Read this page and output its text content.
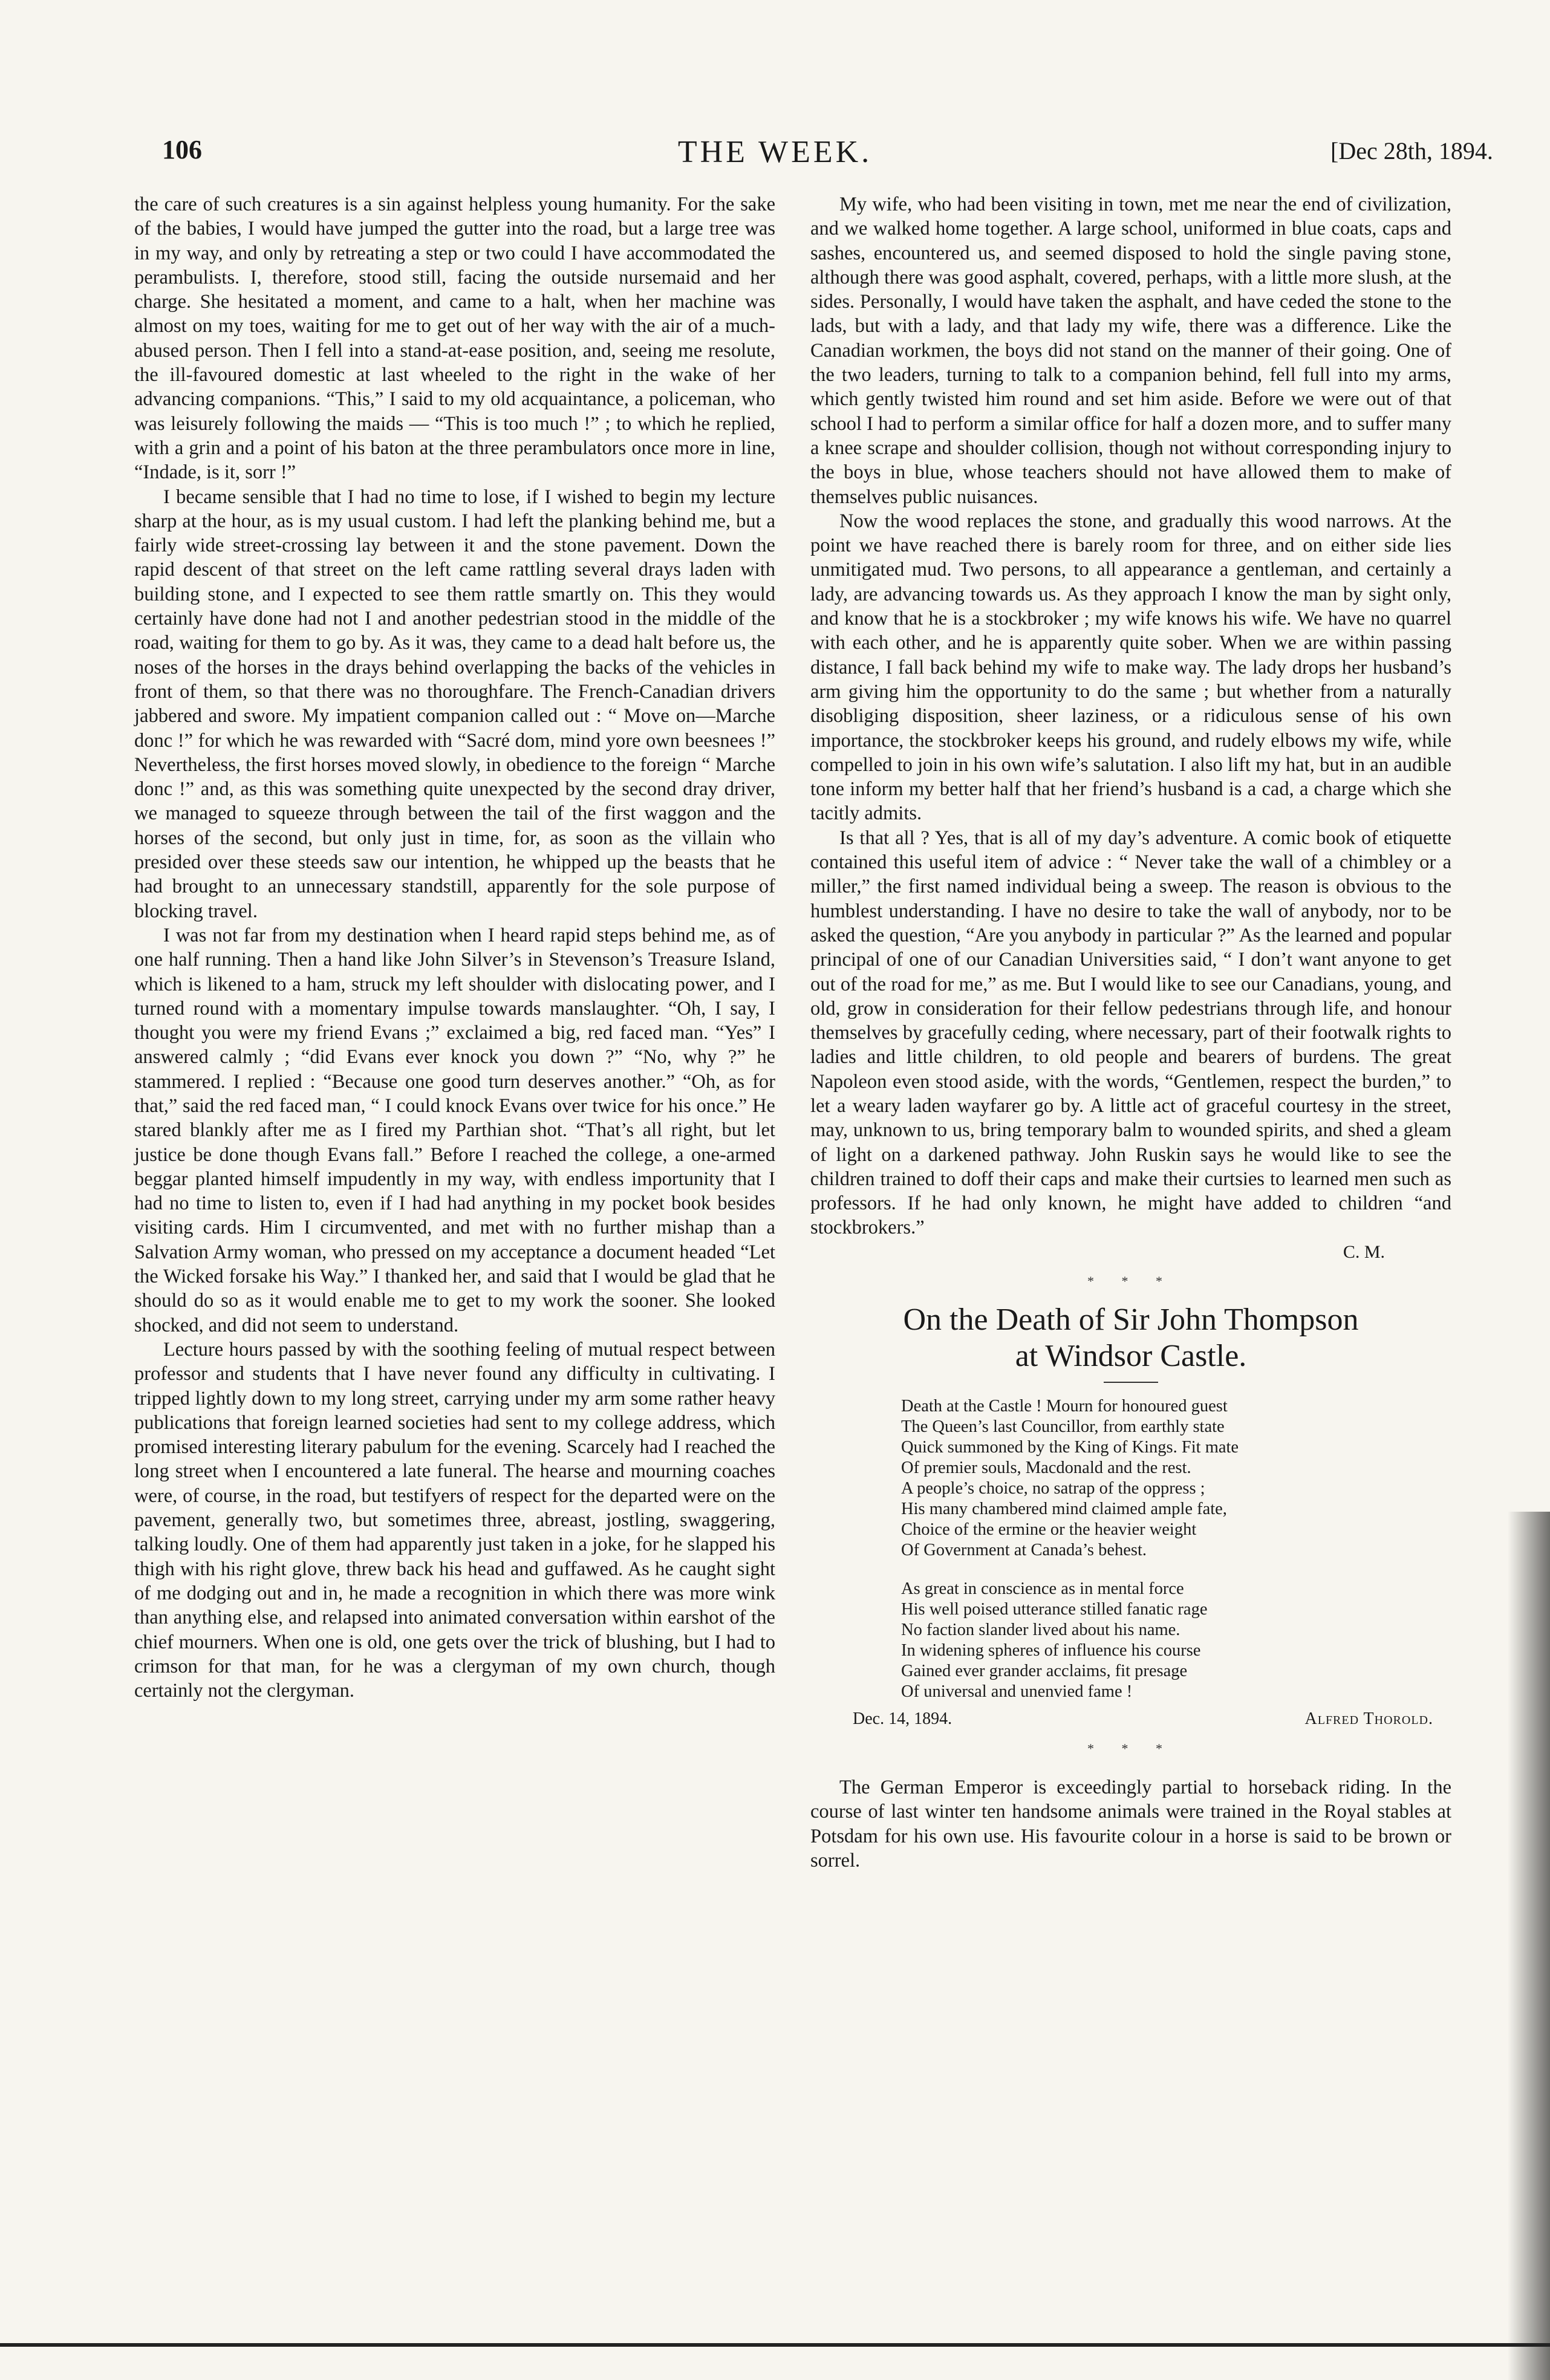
106	THE WEEK.	[Dec 28th, 1894.

the care of such creatures is a sin against helpless young humanity. For the sake of the babies, I would have jumped the gutter into the road, but a large tree was in my way, and only by retreating a step or two could I have accommodated the perambulists. I, therefore, stood still, facing the outside nursemaid and her charge. She hesitated a moment, and came to a halt, when her machine was almost on my toes, waiting for me to get out of her way with the air of a much-abused person. Then I fell into a stand-at-ease position, and, seeing me resolute, the ill-favoured domestic at last wheeled to the right in the wake of her advancing companions. “This,” I said to my old acquaintance, a policeman, who was leisurely following the maids — “This is too much !” ; to which he replied, with a grin and a point of his baton at the three perambulators once more in line, “Indade, is it, sorr !”

I became sensible that I had no time to lose, if I wished to begin my lecture sharp at the hour, as is my usual custom. I had left the planking behind me, but a fairly wide street-crossing lay between it and the stone pavement. Down the rapid descent of that street on the left came rattling several drays laden with building stone, and I expected to see them rattle smartly on. This they would certainly have done had not I and another pedestrian stood in the middle of the road, waiting for them to go by. As it was, they came to a dead halt before us, the noses of the horses in the drays behind overlapping the backs of the vehicles in front of them, so that there was no thoroughfare. The French-Canadian drivers jabbered and swore. My impatient companion called out : “ Move on—Marche donc !” for which he was rewarded with “Sacré dom, mind yore own beesnees !” Nevertheless, the first horses moved slowly, in obedience to the foreign “ Marche donc !” and, as this was something quite unexpected by the second dray driver, we managed to squeeze through between the tail of the first waggon and the horses of the second, but only just in time, for, as soon as the villain who presided over these steeds saw our intention, he whipped up the beasts that he had brought to an unnecessary standstill, apparently for the sole purpose of blocking travel.

I was not far from my destination when I heard rapid steps behind me, as of one half running. Then a hand like John Silver’s in Stevenson’s Treasure Island, which is likened to a ham, struck my left shoulder with dislocating power, and I turned round with a momentary impulse towards manslaughter. “Oh, I say, I thought you were my friend Evans ;” exclaimed a big, red faced man. “Yes” I answered calmly ; “did Evans ever knock you down ?” “No, why ?” he stammered. I replied : “Because one good turn deserves another.” “Oh, as for that,” said the red faced man, “ I could knock Evans over twice for his once.” He stared blankly after me as I fired my Parthian shot. “That’s all right, but let justice be done though Evans fall.” Before I reached the college, a one-armed beggar planted himself impudently in my way, with endless importunity that I had no time to listen to, even if I had had anything in my pocket book besides visiting cards. Him I circumvented, and met with no further mishap than a Salvation Army woman, who pressed on my acceptance a document headed “Let the Wicked forsake his Way.” I thanked her, and said that I would be glad that he should do so as it would enable me to get to my work the sooner. She looked shocked, and did not seem to understand.

Lecture hours passed by with the soothing feeling of mutual respect between professor and students that I have never found any difficulty in cultivating. I tripped lightly down to my long street, carrying under my arm some rather heavy publications that foreign learned societies had sent to my college address, which promised interesting literary pabulum for the evening. Scarcely had I reached the long street when I encountered a late funeral. The hearse and mourning coaches were, of course, in the road, but testifyers of respect for the departed were on the pavement, generally two, but sometimes three, abreast, jostling, swaggering, talking loudly. One of them had apparently just taken in a joke, for he slapped his thigh with his right glove, threw back his head and guffawed. As he caught sight of me dodging out and in, he made a recognition in which there was more wink than anything else, and relapsed into animated conversation within earshot of the chief mourners. When one is old, one gets over the trick of blushing, but I had to crimson for that man, for he was a clergyman of my own church, though certainly not the clergyman.

My wife, who had been visiting in town, met me near the end of civilization, and we walked home together. A large school, uniformed in blue coats, caps and sashes, encountered us, and seemed disposed to hold the single paving stone, although there was good asphalt, covered, perhaps, with a little more slush, at the sides. Personally, I would have taken the asphalt, and have ceded the stone to the lads, but with a lady, and that lady my wife, there was a difference. Like the Canadian workmen, the boys did not stand on the manner of their going. One of the two leaders, turning to talk to a companion behind, fell full into my arms, which gently twisted him round and set him aside. Before we were out of that school I had to perform a similar office for half a dozen more, and to suffer many a knee scrape and shoulder collision, though not without corresponding injury to the boys in blue, whose teachers should not have allowed them to make of themselves public nuisances.

Now the wood replaces the stone, and gradually this wood narrows. At the point we have reached there is barely room for three, and on either side lies unmitigated mud. Two persons, to all appearance a gentleman, and certainly a lady, are advancing towards us. As they approach I know the man by sight only, and know that he is a stockbroker ; my wife knows his wife. We have no quarrel with each other, and he is apparently quite sober. When we are within passing distance, I fall back behind my wife to make way. The lady drops her husband’s arm giving him the opportunity to do the same ; but whether from a naturally disobliging disposition, sheer laziness, or a ridiculous sense of his own importance, the stockbroker keeps his ground, and rudely elbows my wife, while compelled to join in his own wife’s salutation. I also lift my hat, but in an audible tone inform my better half that her friend’s husband is a cad, a charge which she tacitly admits.

Is that all ? Yes, that is all of my day’s adventure. A comic book of etiquette contained this useful item of advice : “ Never take the wall of a chimbley or a miller,” the first named individual being a sweep. The reason is obvious to the humblest understanding. I have no desire to take the wall of anybody, nor to be asked the question, “Are you anybody in particular ?” As the learned and popular principal of one of our Canadian Universities said, “ I don’t want anyone to get out of the road for me,” as me. But I would like to see our Canadians, young, and old, grow in consideration for their fellow pedestrians through life, and honour themselves by gracefully ceding, where necessary, part of their footwalk rights to ladies and little children, to old people and bearers of burdens. The great Napoleon even stood aside, with the words, “Gentlemen, respect the burden,” to let a weary laden wayfarer go by. A little act of graceful courtesy in the street, may, unknown to us, bring temporary balm to wounded spirits, and shed a gleam of light on a darkened pathway. John Ruskin says he would like to see the children trained to doff their caps and make their curtsies to learned men such as professors. If he had only known, he might have added to children “and stockbrokers.”

C. M.

* * *
On the Death of Sir John Thompson
at Windsor Castle.
Death at the Castle ! Mourn for honoured guest
The Queen’s last Councillor, from earthly state
Quick summoned by the King of Kings. Fit mate
Of premier souls, Macdonald and the rest.
A people’s choice, no satrap of the oppress ;
His many chambered mind claimed ample fate,
Choice of the ermine or the heavier weight
Of Government at Canada’s behest.
As great in conscience as in mental force
His well poised utterance stilled fanatic rage
No faction slander lived about his name.
In widening spheres of influence his course
Gained ever grander acclaims, fit presage
Of universal and unenvied fame !
Dec. 14, 1894.	Alfred Thorold.
* * *

The German Emperor is exceedingly partial to horseback riding. In the course of last winter ten handsome animals were trained in the Royal stables at Potsdam for his own use. His favourite colour in a horse is said to be brown or sorrel.
